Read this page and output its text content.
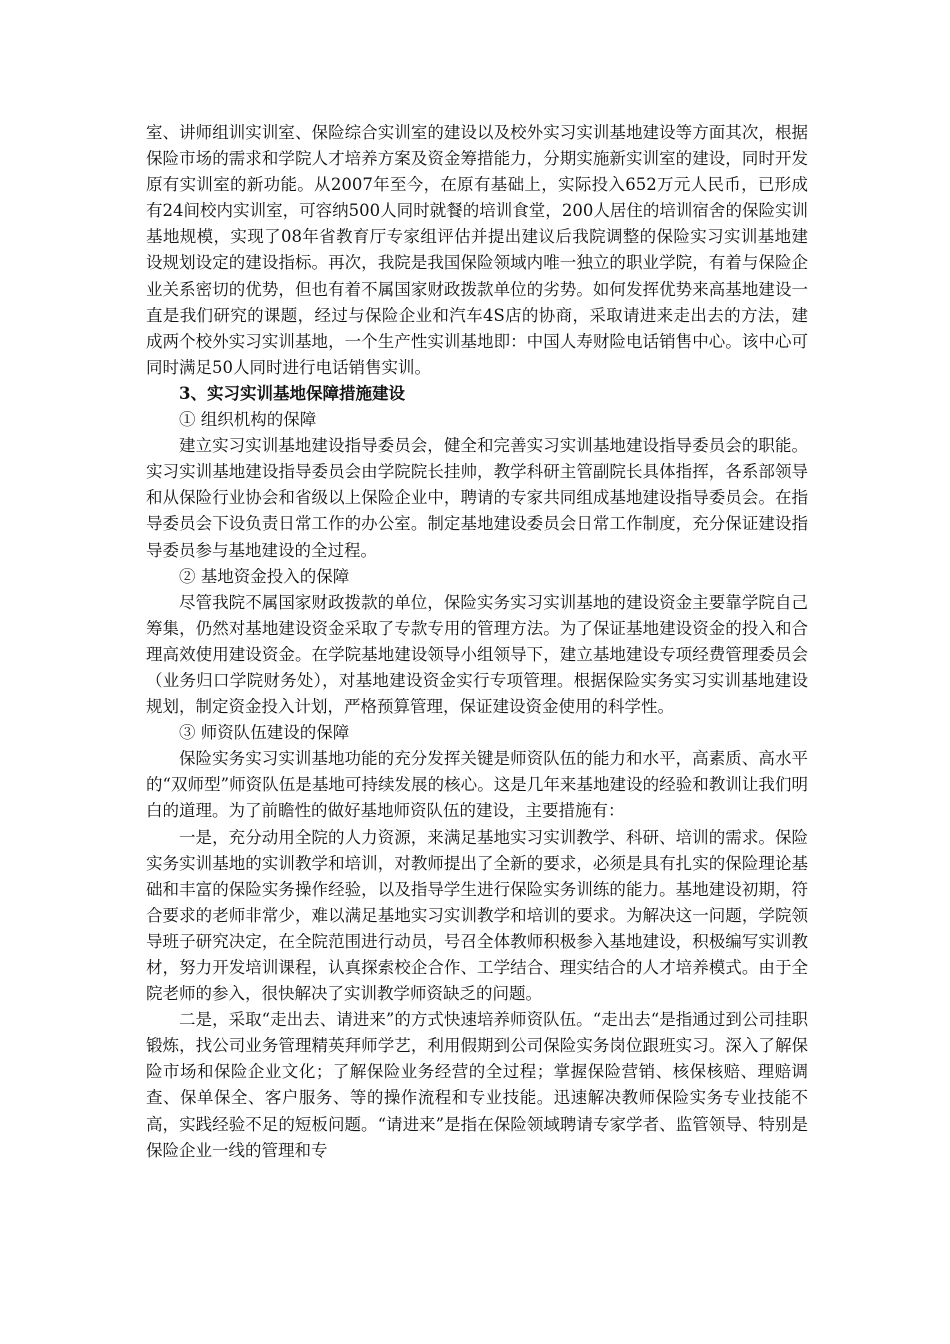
室、讲师组训实训室、保险综合实训室的建设以及校外实习实训基地建设等方面其次，根据保险市场的需求和学院人才培养方案及资金筹措能力，分期实施新实训室的建设，同时开发原有实训室的新功能。从2007年至今，在原有基础上，实际投入652万元人民币，已形成有24间校内实训室，可容纳500人同时就餐的培训食堂，200人居住的培训宿舍的保险实训基地规模，实现了08年省教育厅专家组评估并提出建议后我院调整的保险实习实训基地建设规划设定的建设指标。再次，我院是我国保险领域内唯一独立的职业学院，有着与保险企业关系密切的优势，但也有着不属国家财政拨款单位的劣势。如何发挥优势来高基地建设一直是我们研究的课题，经过与保险企业和汽车4S店的协商，采取请进来走出去的方法，建成两个校外实习实训基地，一个生产性实训基地即：中国人寿财险电话销售中心。该中心可同时满足50人同时进行电话销售实训。

3、实习实训基地保障措施建设

① 组织机构的保障

建立实习实训基地建设指导委员会，健全和完善实习实训基地建设指导委员会的职能。实习实训基地建设指导委员会由学院院长挂帅，教学科研主管副院长具体指挥，各系部领导和从保险行业协会和省级以上保险企业中，聘请的专家共同组成基地建设指导委员会。在指导委员会下设负责日常工作的办公室。制定基地建设委员会日常工作制度，充分保证建设指导委员参与基地建设的全过程。

② 基地资金投入的保障

尽管我院不属国家财政拨款的单位，保险实务实习实训基地的建设资金主要靠学院自己筹集，仍然对基地建设资金采取了专款专用的管理方法。为了保证基地建设资金的投入和合理高效使用建设资金。在学院基地建设领导小组领导下，建立基地建设专项经费管理委员会（业务归口学院财务处），对基地建设资金实行专项管理。根据保险实务实习实训基地建设规划，制定资金投入计划，严格预算管理，保证建设资金使用的科学性。

③ 师资队伍建设的保障

保险实务实习实训基地功能的充分发挥关键是师资队伍的能力和水平，高素质、高水平的“双师型”师资队伍是基地可持续发展的核心。这是几年来基地建设的经验和教训让我们明白的道理。为了前瞻性的做好基地师资队伍的建设，主要措施有：

一是，充分动用全院的人力资源，来满足基地实习实训教学、科研、培训的需求。保险实务实训基地的实训教学和培训，对教师提出了全新的要求，必须是具有扎实的保险理论基础和丰富的保险实务操作经验，以及指导学生进行保险实务训练的能力。基地建设初期，符合要求的老师非常少，难以满足基地实习实训教学和培训的要求。为解决这一问题，学院领导班子研究决定，在全院范围进行动员，号召全体教师积极参入基地建设，积极编写实训教材，努力开发培训课程，认真探索校企合作、工学结合、理实结合的人才培养模式。由于全院老师的参入，很快解决了实训教学师资缺乏的问题。

二是，采取“走出去、请进来”的方式快速培养师资队伍。“走出去“是指通过到公司挂职锻炼，找公司业务管理精英拜师学艺，利用假期到公司保险实务岗位跟班实习。深入了解保险市场和保险企业文化；了解保险业务经营的全过程；掌握保险营销、核保核赔、理赔调查、保单保全、客户服务、等的操作流程和专业技能。迅速解决教师保险实务专业技能不高，实践经验不足的短板问题。“请进来”是指在保险领域聘请专家学者、监管领导、特别是保险企业一线的管理和专
